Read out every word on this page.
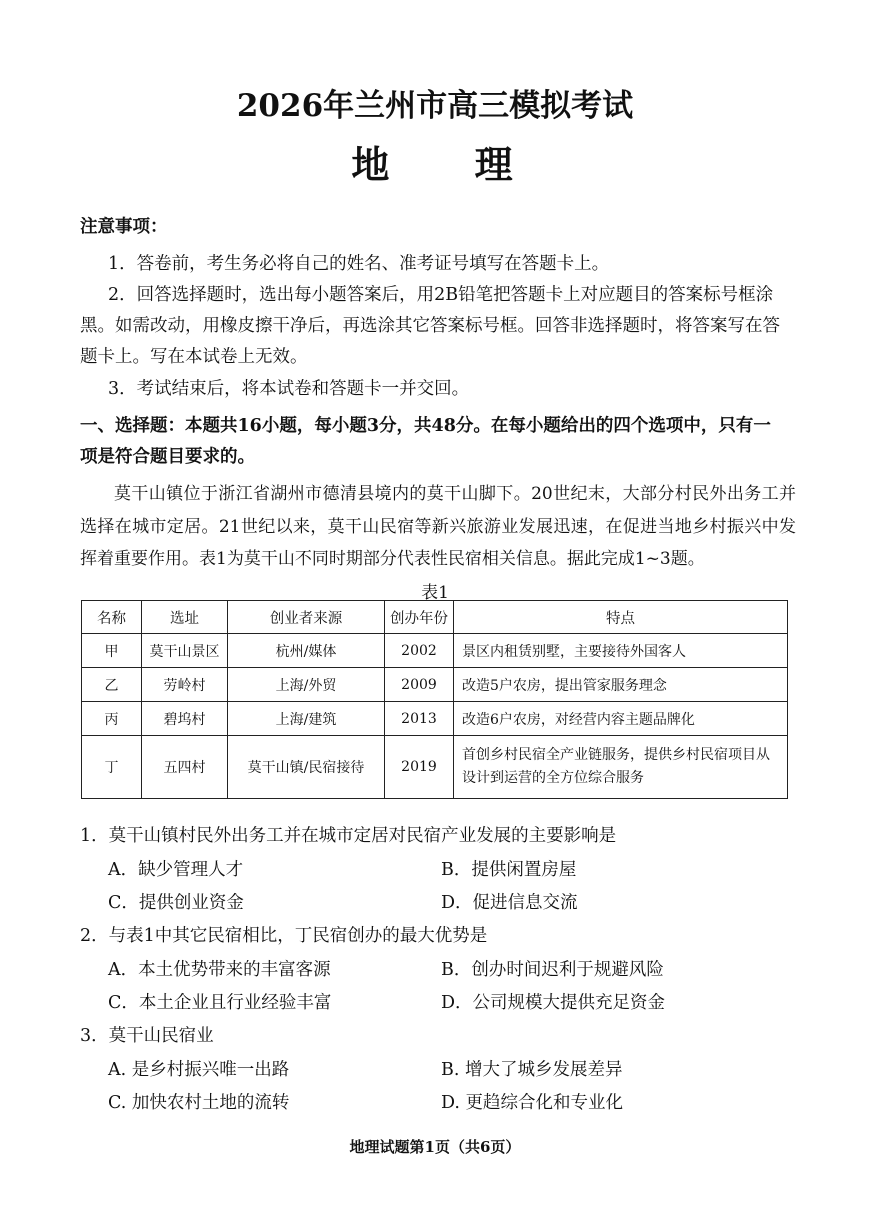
2026年兰州市高三模拟考试
地 理
注意事项：
1．答卷前，考生务必将自己的姓名、准考证号填写在答题卡上。
2．回答选择题时，选出每小题答案后，用2B铅笔把答题卡上对应题目的答案标号框涂
黑。如需改动，用橡皮擦干净后，再选涂其它答案标号框。回答非选择题时，将答案写在答
题卡上。写在本试卷上无效。
3．考试结束后，将本试卷和答题卡一并交回。
一、选择题：本题共16小题，每小题3分，共48分。在每小题给出的四个选项中，只有一
项是符合题目要求的。
莫干山镇位于浙江省湖州市德清县境内的莫干山脚下。20世纪末，大部分村民外出务工并选择在城市定居。21世纪以来，莫干山民宿等新兴旅游业发展迅速，在促进当地乡村振兴中发挥着重要作用。表1为莫干山不同时期部分代表性民宿相关信息。据此完成1~3题。
表1
名称	选址	创业者来源	创办年份	特点
甲	莫干山景区	杭州/媒体	2002	景区内租赁别墅，主要接待外国客人
乙	劳岭村	上海/外贸	2009	改造5户农房，提出管家服务理念
丙	碧坞村	上海/建筑	2013	改造6户农房，对经营内容主题品牌化
丁	五四村	莫干山镇/民宿接待	2019	首创乡村民宿全产业链服务，提供乡村民宿项目从设计到运营的全方位综合服务
1．莫干山镇村民外出务工并在城市定居对民宿产业发展的主要影响是
A．缺少管理人才	B．提供闲置房屋
C．提供创业资金	D．促进信息交流
2．与表1中其它民宿相比，丁民宿创办的最大优势是
A．本土优势带来的丰富客源	B．创办时间迟利于规避风险
C．本土企业且行业经验丰富	D．公司规模大提供充足资金
3．莫干山民宿业
A. 是乡村振兴唯一出路	B. 增大了城乡发展差异
C. 加快农村土地的流转	D. 更趋综合化和专业化
地理试题第1页（共6页）
